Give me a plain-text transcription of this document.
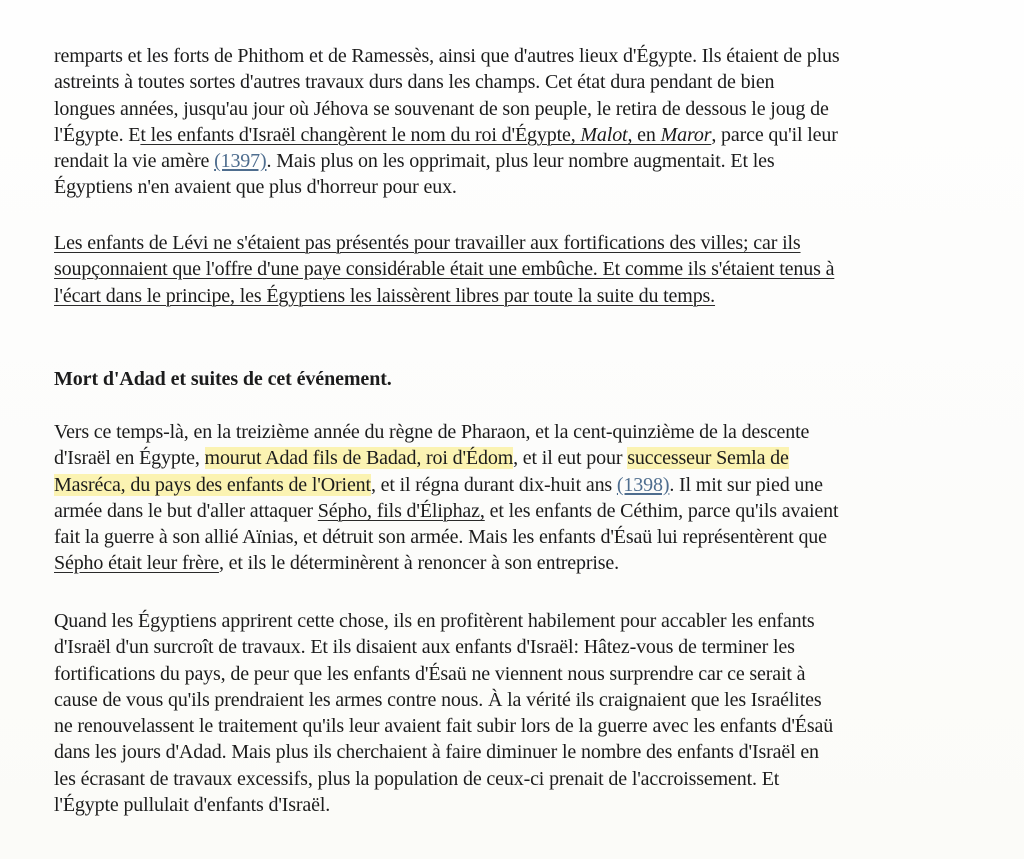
remparts et les forts de Phithom et de Ramessès, ainsi que d'autres lieux d'Égypte. Ils étaient de plus
astreints à toutes sortes d'autres travaux durs dans les champs. Cet état dura pendant de bien
longues années, jusqu'au jour où Jéhova se souvenant de son peuple, le retira de dessous le joug de
l'Égypte. Et les enfants d'Israël changèrent le nom du roi d'Égypte, Malot, en Maror, parce qu'il leur
rendait la vie amère (1397). Mais plus on les opprimait, plus leur nombre augmentait. Et les
Égyptiens n'en avaient que plus d'horreur pour eux.

Les enfants de Lévi ne s'étaient pas présentés pour travailler aux fortifications des villes; car ils
soupçonnaient que l'offre d'une paye considérable était une embûche. Et comme ils s'étaient tenus à
l'écart dans le principe, les Égyptiens les laissèrent libres par toute la suite du temps.

Mort d'Adad et suites de cet événement.

Vers ce temps-là, en la treizième année du règne de Pharaon, et la cent-quinzième de la descente
d'Israël en Égypte, mourut Adad fils de Badad, roi d'Édom, et il eut pour successeur Semla de
Masréca, du pays des enfants de l'Orient, et il régna durant dix-huit ans (1398). Il mit sur pied une
armée dans le but d'aller attaquer Sépho, fils d'Éliphaz, et les enfants de Céthim, parce qu'ils avaient
fait la guerre à son allié Aïnias, et détruit son armée. Mais les enfants d'Ésaü lui représentèrent que
Sépho était leur frère, et ils le déterminèrent à renoncer à son entreprise.

Quand les Égyptiens apprirent cette chose, ils en profitèrent habilement pour accabler les enfants
d'Israël d'un surcroît de travaux. Et ils disaient aux enfants d'Israël: Hâtez-vous de terminer les
fortifications du pays, de peur que les enfants d'Ésaü ne viennent nous surprendre car ce serait à
cause de vous qu'ils prendraient les armes contre nous. À la vérité ils craignaient que les Israélites
ne renouvelassent le traitement qu'ils leur avaient fait subir lors de la guerre avec les enfants d'Ésaü
dans les jours d'Adad. Mais plus ils cherchaient à faire diminuer le nombre des enfants d'Israël en
les écrasant de travaux excessifs, plus la population de ceux-ci prenait de l'accroissement. Et
l'Égypte pullulait d'enfants d'Israël.
